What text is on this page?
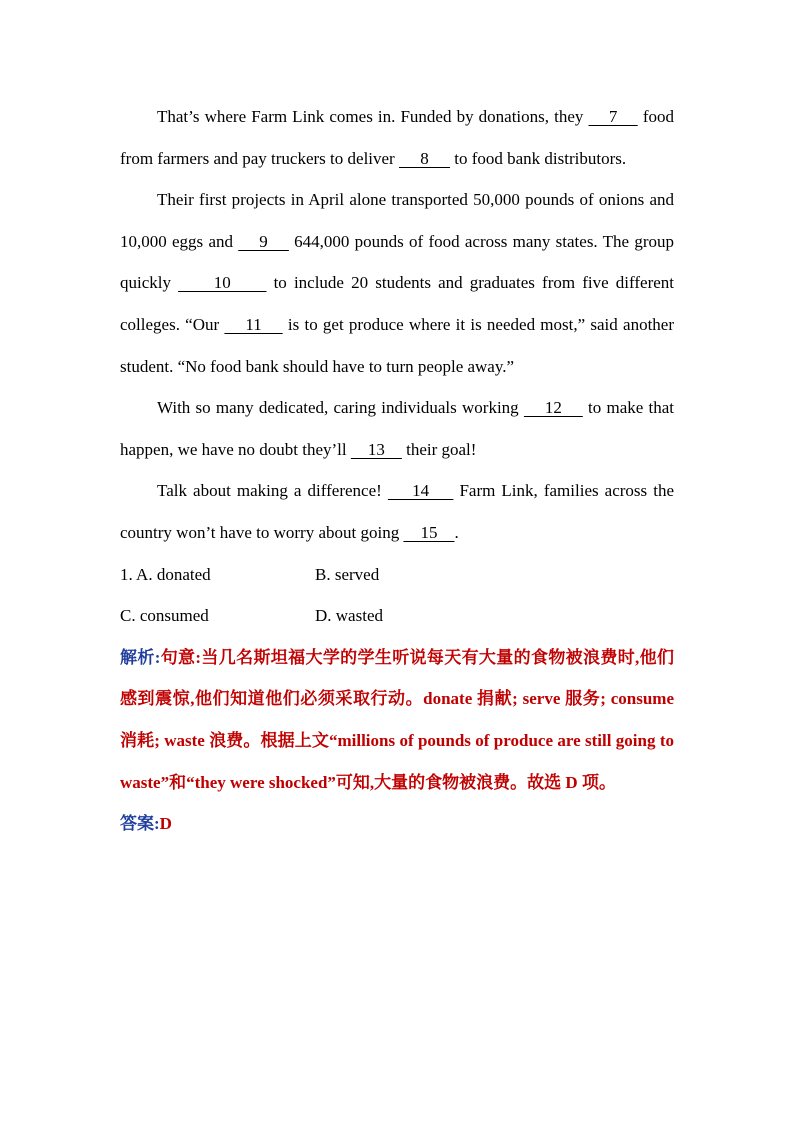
That’s where Farm Link comes in. Funded by donations, they     7     food from farmers and pay truckers to deliver      8      to food bank distributors.

Their first projects in April alone transported 50,000 pounds of onions and 10,000 eggs and     9     644,000 pounds of food across many states. The group quickly      10      to include 20 students and graduates from five different colleges. “Our     11     is to get produce where it is needed most,” said another student. “No food bank should have to turn people away.”

With so many dedicated, caring individuals working     12     to make that happen, we have no doubt they’ll     13     their goal!

Talk about making a difference!     14     Farm Link, families across the country won’t have to worry about going     15    .

1. A. donated	B. served
C. consumed	D. wasted

解析:句意:当几名斯坦福大学的学生听说每天有大量的食物被浪费时,他们感到震惊,他们知道他们必须采取行动。donate 捐献; serve 服务; consume 消耗; waste 浪费。根据上文“millions of pounds of produce are still going to waste”和“they were shocked”可知,大量的食物被浪费。故选 D 项。

答案:D
